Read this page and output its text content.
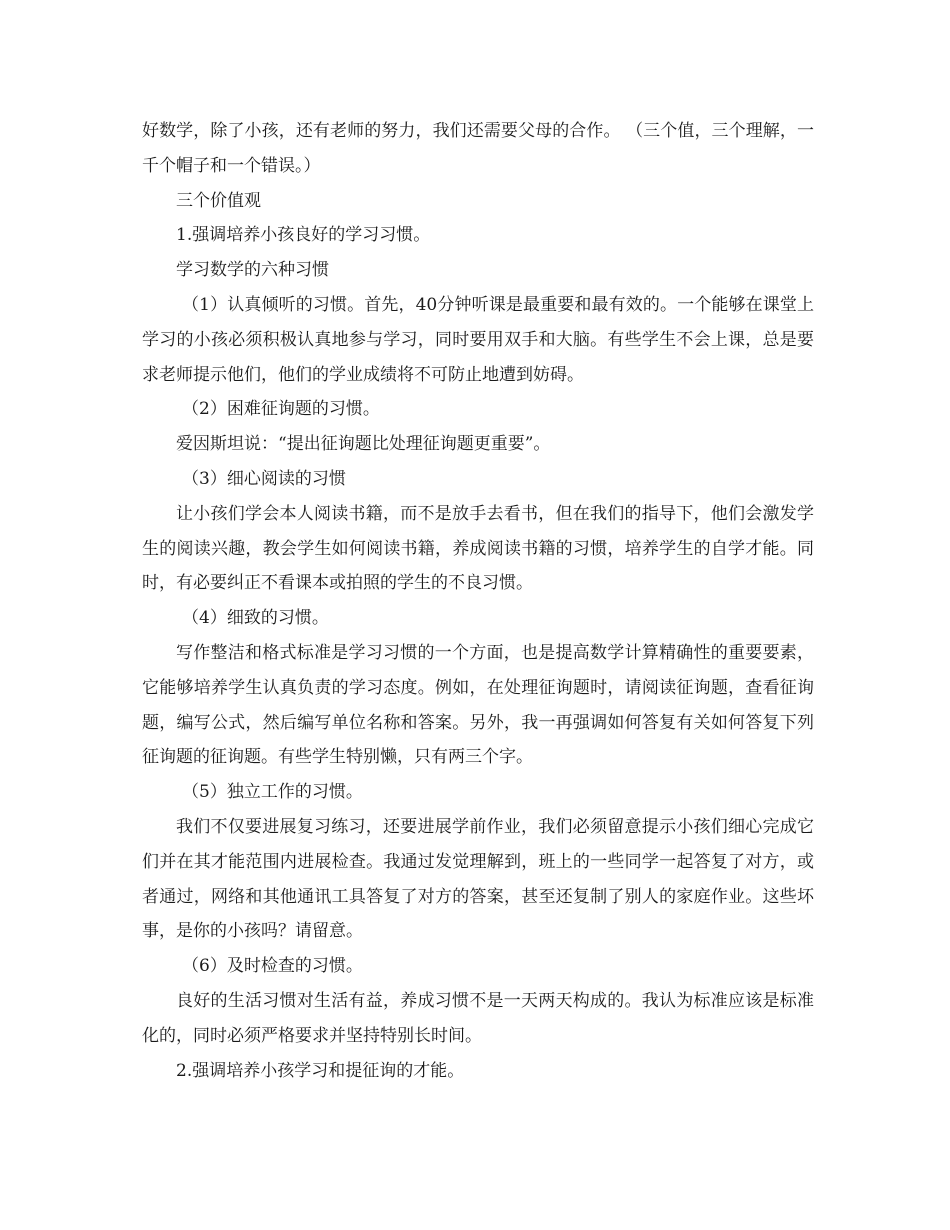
好数学，除了小孩，还有老师的努力，我们还需要父母的合作。 （三个值，三个理解，一千个帽子和一个错误。）

三个价值观

1.强调培养小孩良好的学习习惯。

学习数学的六种习惯

（1）认真倾听的习惯。首先，40分钟听课是最重要和最有效的。一个能够在课堂上学习的小孩必须积极认真地参与学习，同时要用双手和大脑。有些学生不会上课，总是要求老师提示他们，他们的学业成绩将不可防止地遭到妨碍。

（2）困难征询题的习惯。

爱因斯坦说：“提出征询题比处理征询题更重要”。

（3）细心阅读的习惯

让小孩们学会本人阅读书籍，而不是放手去看书，但在我们的指导下，他们会激发学生的阅读兴趣，教会学生如何阅读书籍，养成阅读书籍的习惯，培养学生的自学才能。同时，有必要纠正不看课本或拍照的学生的不良习惯。

（4）细致的习惯。

写作整洁和格式标准是学习习惯的一个方面，也是提高数学计算精确性的重要要素，它能够培养学生认真负责的学习态度。例如，在处理征询题时，请阅读征询题，查看征询题，编写公式，然后编写单位名称和答案。另外，我一再强调如何答复有关如何答复下列征询题的征询题。有些学生特别懒，只有两三个字。

（5）独立工作的习惯。

我们不仅要进展复习练习，还要进展学前作业，我们必须留意提示小孩们细心完成它们并在其才能范围内进展检查。我通过发觉理解到，班上的一些同学一起答复了对方，或者通过，网络和其他通讯工具答复了对方的答案，甚至还复制了别人的家庭作业。这些坏事，是你的小孩吗？请留意。

（6）及时检查的习惯。

良好的生活习惯对生活有益，养成习惯不是一天两天构成的。我认为标准应该是标准化的，同时必须严格要求并坚持特别长时间。

2.强调培养小孩学习和提征询的才能。
